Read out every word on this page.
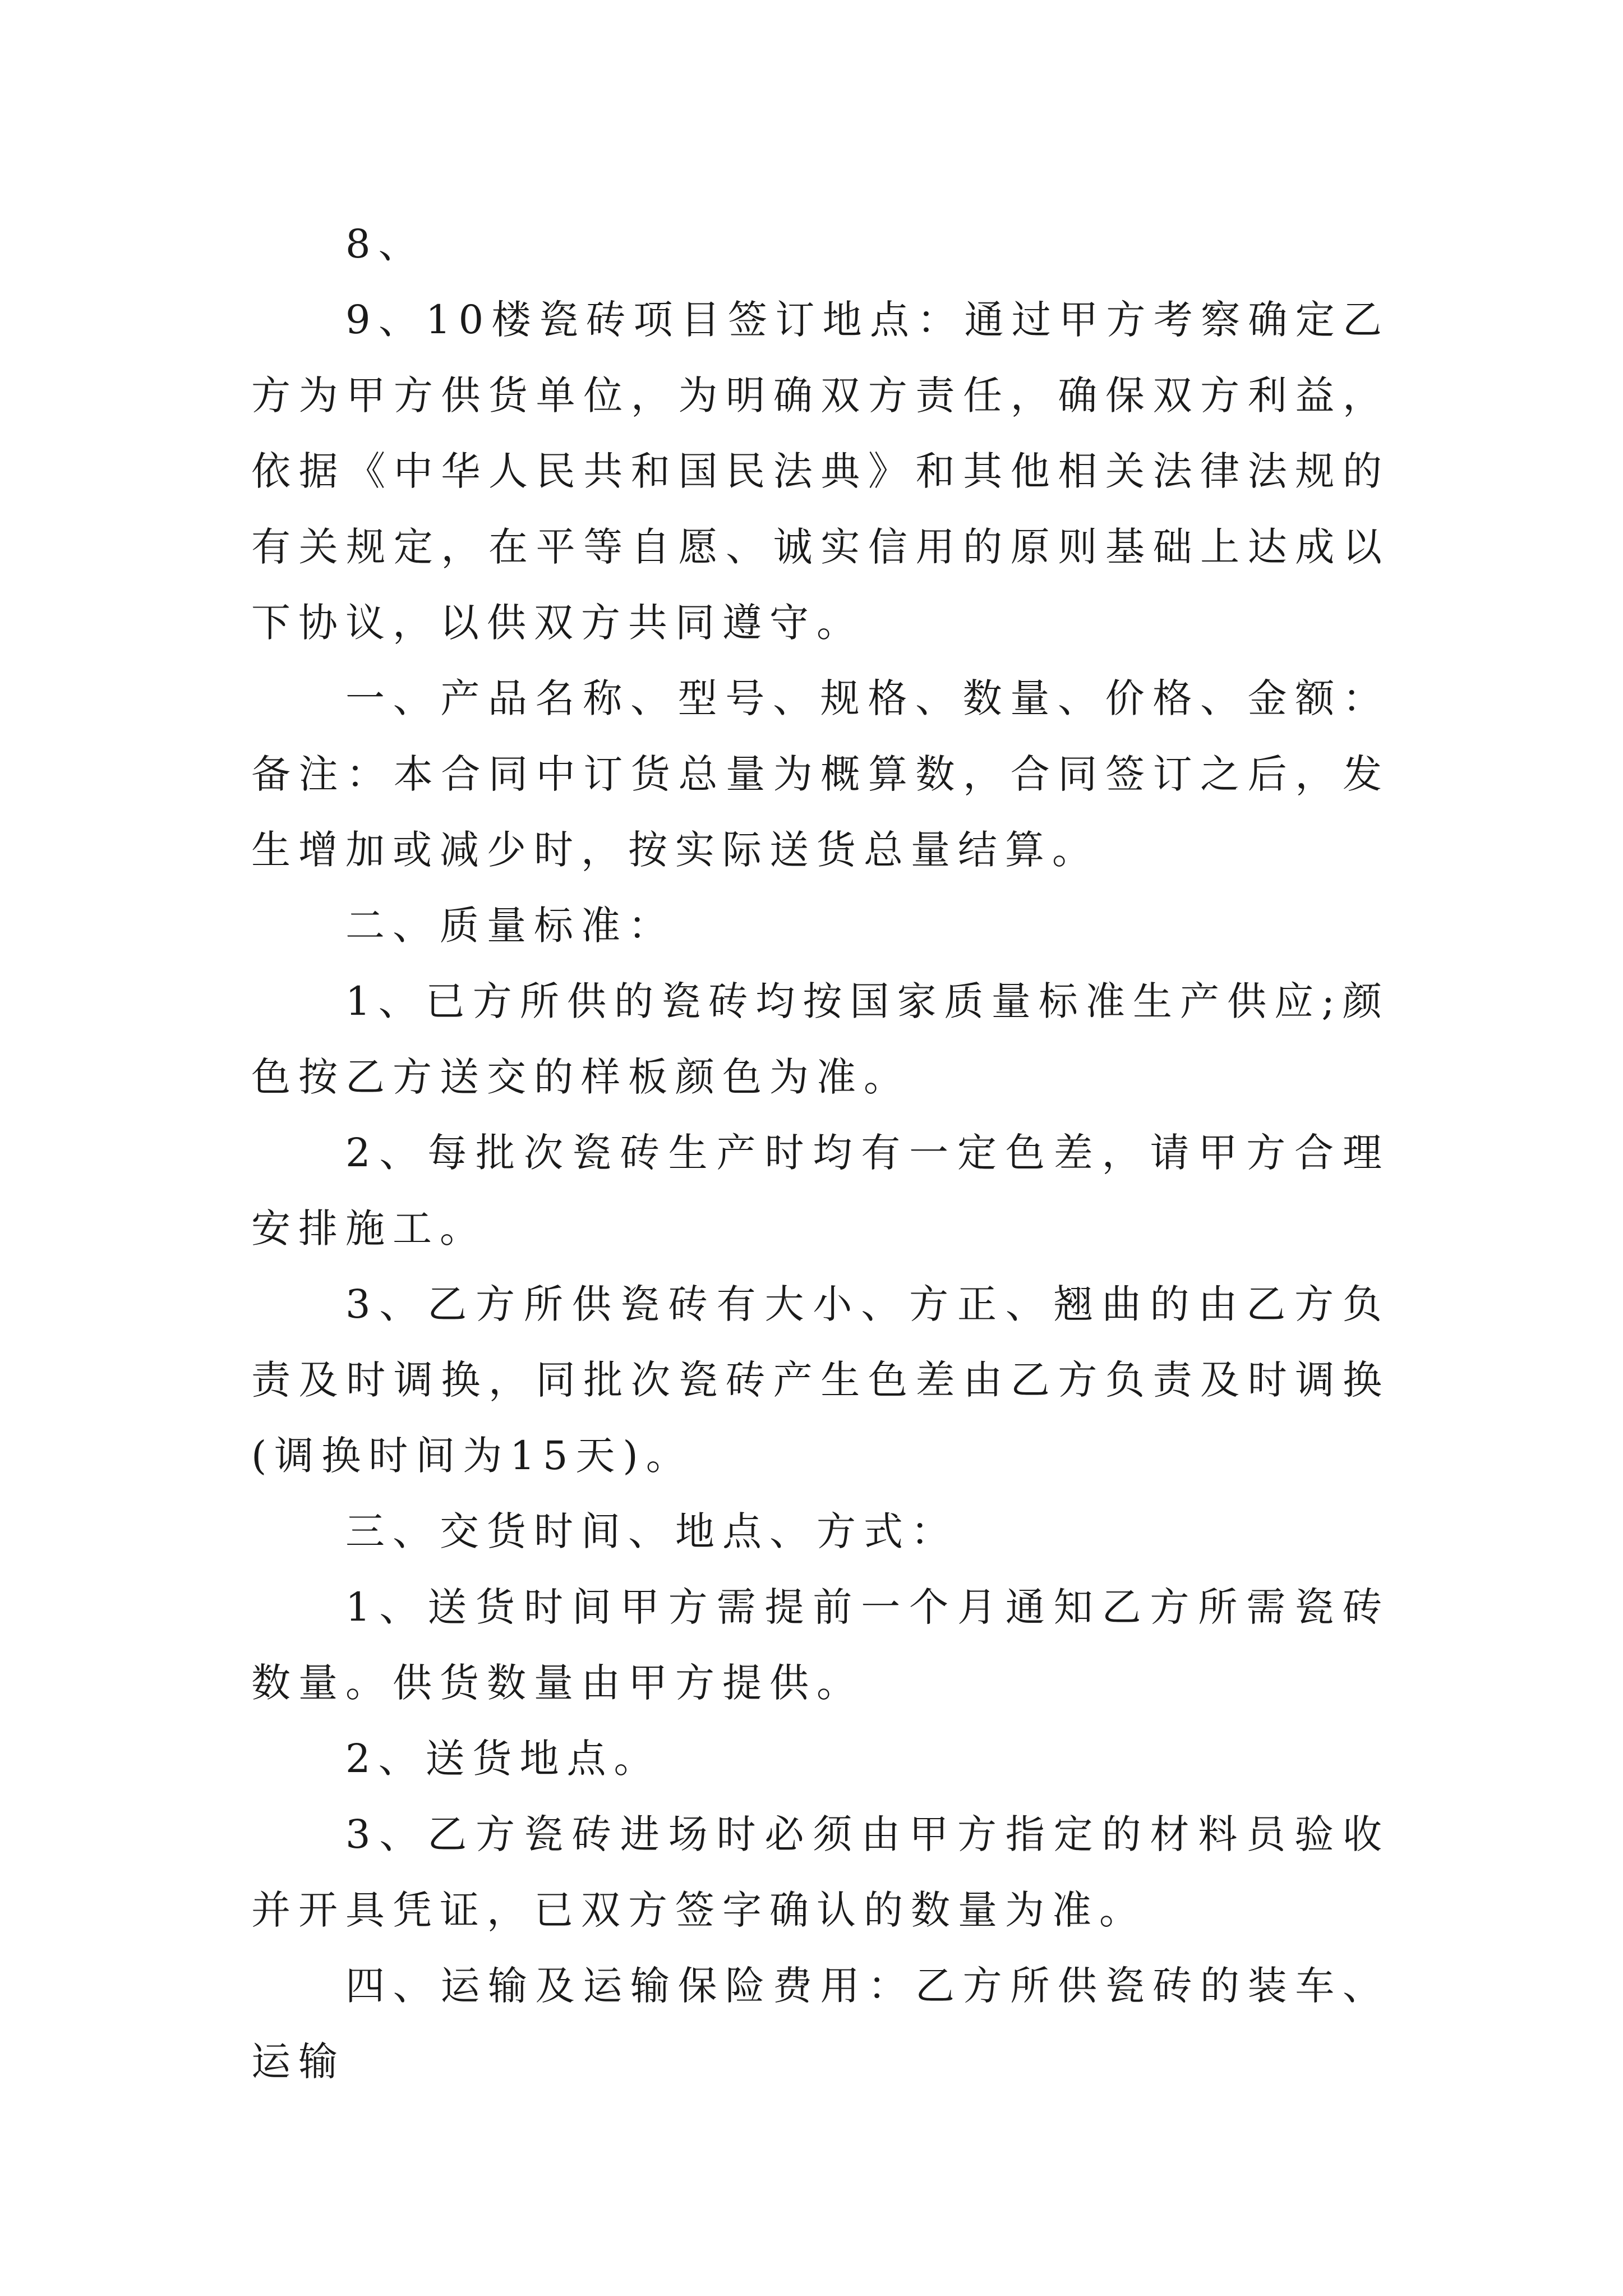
8、

9、10楼瓷砖项目签订地点：通过甲方考察确定乙方为甲方供货单位，为明确双方责任，确保双方利益，依据《中华人民共和国民法典》和其他相关法律法规的有关规定，在平等自愿、诚实信用的原则基础上达成以下协议，以供双方共同遵守。

一、产品名称、型号、规格、数量、价格、金额：备注：本合同中订货总量为概算数，合同签订之后，发生增加或减少时，按实际送货总量结算。

二、质量标准：

1、已方所供的瓷砖均按国家质量标准生产供应;颜色按乙方送交的样板颜色为准。

2、每批次瓷砖生产时均有一定色差，请甲方合理安排施工。

3、乙方所供瓷砖有大小、方正、翘曲的由乙方负责及时调换，同批次瓷砖产生色差由乙方负责及时调换(调换时间为15天)。

三、交货时间、地点、方式：

1、送货时间甲方需提前一个月通知乙方所需瓷砖数量。供货数量由甲方提供。

2、送货地点。

3、乙方瓷砖进场时必须由甲方指定的材料员验收并开具凭证，已双方签字确认的数量为准。

四、运输及运输保险费用：乙方所供瓷砖的装车、运输
